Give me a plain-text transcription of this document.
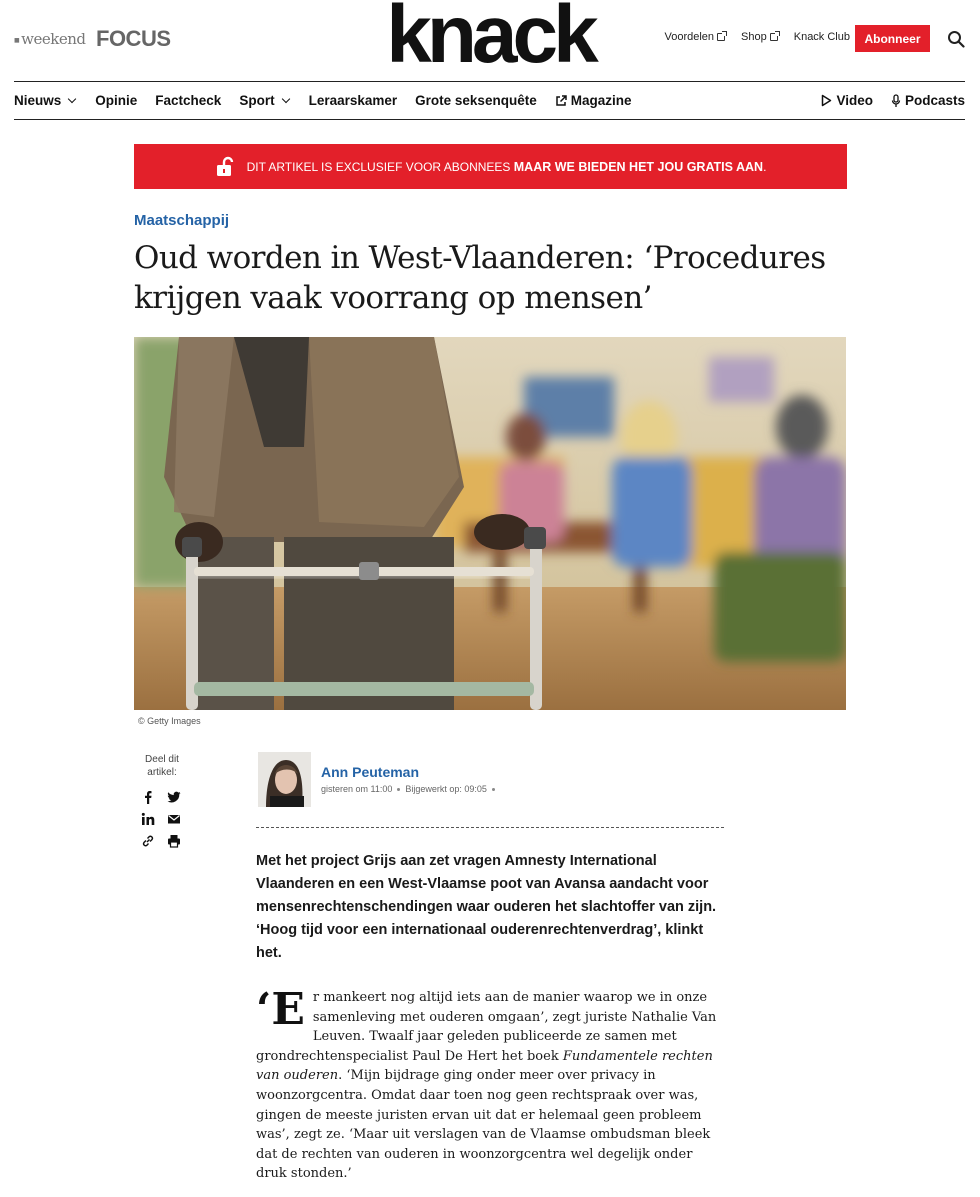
■ weekend FOCUS	knack	Voordelen Shop Knack Club	Abonneer
Nieuws	Opinie Factcheck Sport	Leraarskamer Grote seksenquête	Magazine	Video Podcasts
DIT ARTIKEL IS EXCLUSIEF VOOR ABONNEES MAAR WE BIEDEN HET JOU GRATIS AAN.
Maatschappij
Oud worden in West-Vlaanderen: ‘Procedures krijgen vaak voorrang op mensen’
© Getty Images
Deel dit artikel:	Ann Peuteman
gisteren om 11:00 Bijgewerkt op: 09:05

Met het project Grijs aan zet vragen Amnesty International Vlaanderen en een West-Vlaamse poot van Avansa aandacht voor mensenrechtenschendingen waar ouderen het slachtoffer van zijn. ‘Hoog tijd voor een internationaal ouderenrechtenverdrag’, klinkt het.

‘Er mankeert nog altijd iets aan de manier waarop we in onze samenleving met ouderen omgaan’, zegt juriste Nathalie Van Leuven. Twaalf jaar geleden publiceerde ze samen met grondrechtenspecialist Paul De Hert het boek Fundamentele rechten van ouderen. ‘Mijn bijdrage ging onder meer over privacy in woonzorgcentra. Omdat daar toen nog geen rechtspraak over was, gingen de meeste juristen ervan uit dat er helemaal geen probleem was’, zegt ze. ‘Maar uit verslagen van de Vlaamse ombudsman bleek dat de rechten van ouderen in woonzorgcentra wel degelijk onder druk stonden.’
